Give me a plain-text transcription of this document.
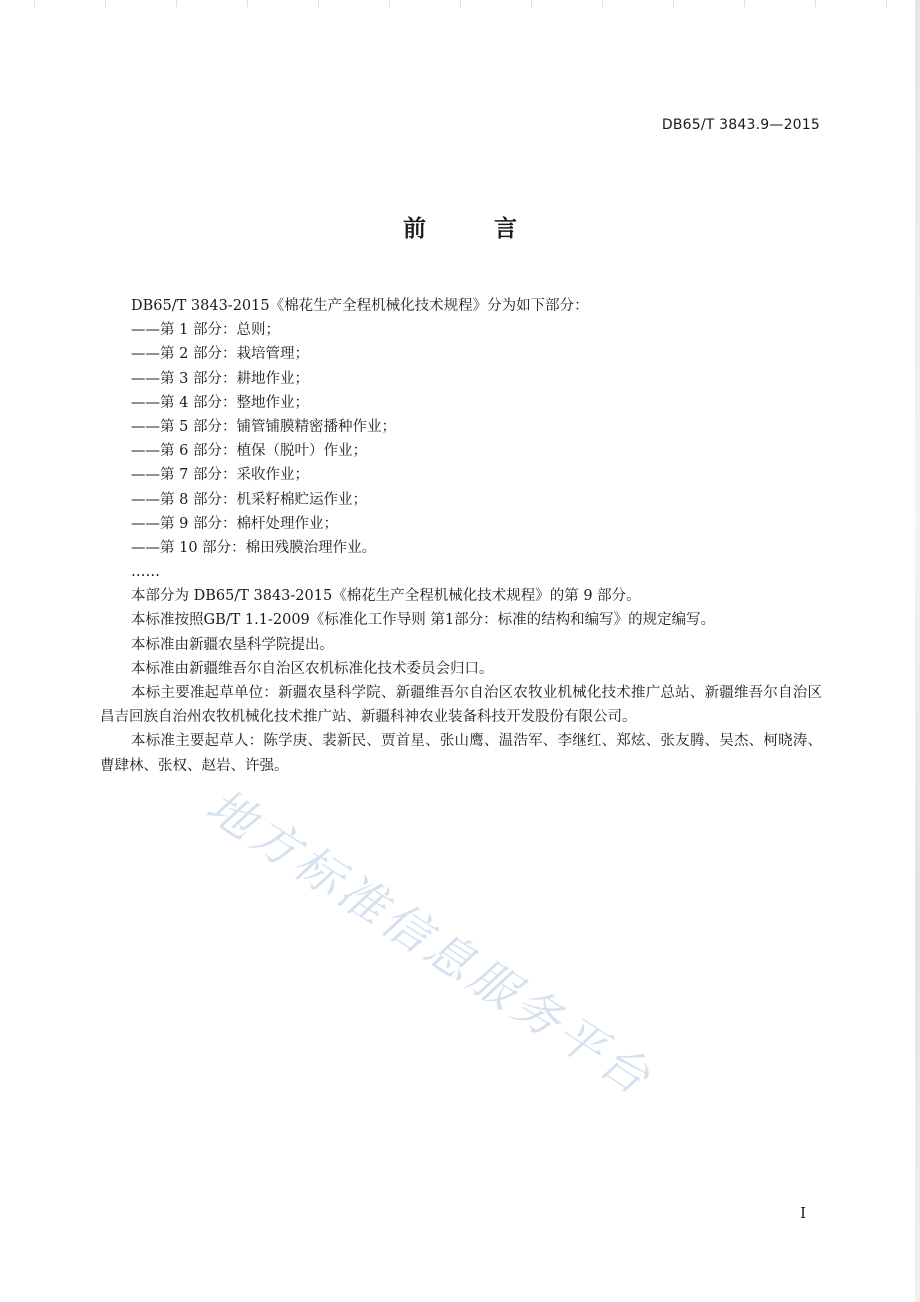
DB65/T 3843.9—2015
前 言
DB65/T 3843-2015《棉花生产全程机械化技术规程》分为如下部分：
——第 1 部分：总则；
——第 2 部分：栽培管理；
——第 3 部分：耕地作业；
——第 4 部分：整地作业；
——第 5 部分：铺管铺膜精密播种作业；
——第 6 部分：植保（脱叶）作业；
——第 7 部分：采收作业；
——第 8 部分：机采籽棉贮运作业；
——第 9 部分：棉杆处理作业；
——第 10 部分：棉田残膜治理作业。
……
本部分为 DB65/T 3843-2015《棉花生产全程机械化技术规程》的第 9 部分。
本标准按照GB/T 1.1-2009《标准化工作导则 第1部分：标准的结构和编写》的规定编写。
本标准由新疆农垦科学院提出。
本标准由新疆维吾尔自治区农机标准化技术委员会归口。
本标主要准起草单位：新疆农垦科学院、新疆维吾尔自治区农牧业机械化技术推广总站、新疆维吾尔自治区昌吉回族自治州农牧机械化技术推广站、新疆科神农业装备科技开发股份有限公司。
本标准主要起草人：陈学庚、裴新民、贾首星、张山鹰、温浩军、李继红、郑炫、张友腾、吴杰、柯晓涛、曹肆林、张权、赵岩、许强。
地方标准信息服务平台
I
